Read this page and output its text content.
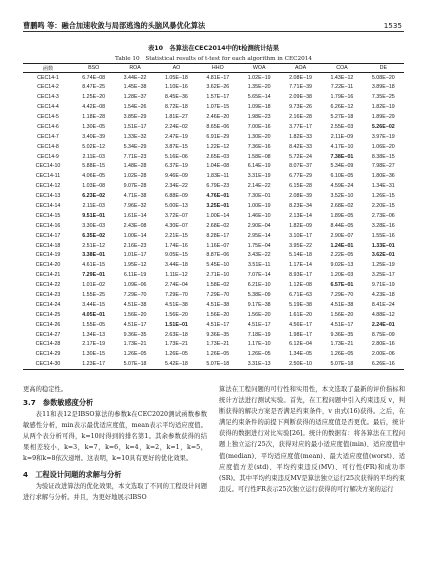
曹鹏鸣 等：融合加速收敛与局部逃逸的头脑风暴优化算法	1535
表10　各算法在CEC2014中的t检测统计结果
Table 10　Statistical results of t-test for each algorithm in CEC2014
函数	BSO	ROA	AO	HHO	WOA	AOA	COA	DE
CEC14-1	6.74E−08	3.44E−22	1.05E−18	4.81E−17	1.02E−19	2.08E−19	1.43E−12	5.08E−20
CEC14-2	8.47E−25	1.45E−38	1.10E−16	3.62E−26	1.35E−20	7.71E−39	7.22E−11	3.89E−18
CEC14-3	1.25E−20	1.28E−37	8.45E−36	1.57E−17	5.65E−14	2.09E−38	1.79E−16	7.35E−25
CEC14-4	4.42E−08	1.54E−26	8.72E−18	1.07E−15	1.09E−18	9.73E−26	6.26E−12	1.82E−19
CEC14-5	1.18E−28	3.85E−29	1.81E−27	2.46E−20	1.98E−23	2.16E−28	5.27E−18	1.89E−29
CEC14-6	1.30E−05	1.51E−17	2.24E−02	8.65E−06	7.00E−16	3.77E−17	2.55E−03	5.26E−02
CEC14-7	3.40E−39	1.33E−32	2.47E−19	6.91E−29	1.30E−20	1.82E−33	2.11E−09	3.97E−19
CEC14-8	5.02E−12	5.34E−29	3.87E−15	1.22E−12	7.36E−16	8.42E−33	4.17E−10	1.06E−20
CEC14-9	2.11E−03	7.71E−23	5.16E−06	2.65E−03	1.58E−08	5.72E−24	7.38E−01	8.38E−15
CEC14-10	5.88E−15	1.48E−28	6.37E−19	1.04E−08	6.14E−19	8.07E−37	5.34E−09	7.98E−27
CEC14-11	4.06E−05	1.02E−28	9.46E−09	1.83E−11	3.31E−19	6.77E−29	6.10E−05	1.80E−36
CEC14-12	1.03E−08	9.07E−28	2.34E−22	6.79E−23	2.14E−22	6.15E−28	4.59E−24	1.34E−31
CEC14-13	6.23E−02	4.71E−38	6.88E−09	4.76E−01	7.30E−01	2.08E−39	3.52E−10	1.26E−15
CEC14-14	2.11E−03	7.96E−32	5.00E−13	3.25E−01	1.00E−19	8.23E−34	2.68E−02	2.20E−15
CEC14-15	9.51E−01	1.61E−14	3.72E−07	1.00E−14	1.46E−10	2.13E−14	1.89E−05	2.73E−06
CEC14-16	3.30E−03	2.43E−08	4.30E−07	2.68E−02	2.90E−04	1.82E−09	8.44E−05	3.28E−16
CEC14-17	6.35E−02	1.00E−14	2.21E−15	8.28E−17	2.95E−14	3.10E−17	2.90E−07	1.55E−16
CEC14-18	2.51E−12	2.16E−23	1.74E−16	1.16E−07	1.75E−04	3.95E−22	1.24E−01	1.33E−01
CEC14-19	3.38E−01	1.01E−17	9.05E−15	8.87E−06	3.43E−22	5.14E−18	2.22E−05	3.62E−01
CEC14-20	4.61E−15	1.95E−12	3.44E−18	5.45E−10	3.51E−11	1.17E−14	9.02E−13	1.25E−19
CEC14-21	7.29E−01	6.11E−19	1.11E−12	2.71E−10	7.07E−14	8.93E−17	1.20E−03	3.25E−17
CEC14-22	1.01E−02	1.09E−06	2.74E−04	1.58E−02	6.21E−10	1.12E−08	6.57E−01	9.71E−19
CEC14-23	1.55E−25	7.29E−70	7.29E−70	7.29E−70	5.38E−09	6.71E−63	7.29E−70	4.23E−18
CEC14-24	3.44E−15	4.51E−38	4.51E−38	4.51E−38	9.17E−38	5.19E−38	4.51E−38	8.41E−24
CEC14-25	4.05E−01	1.56E−20	1.56E−20	1.56E−20	1.56E−20	1.61E−20	1.56E−20	4.88E−12
CEC14-26	1.55E−05	4.51E−17	1.51E−01	4.51E−17	4.51E−17	4.56E−17	4.51E−17	2.24E−01
CEC14-27	1.34E−13	9.36E−35	2.63E−18	9.36E−35	7.18E−19	1.98E−17	9.36E−35	8.75E−09
CEC14-28	2.17E−19	1.73E−21	1.73E−21	1.73E−21	1.17E−10	6.12E−04	1.73E−21	2.80E−16
CEC14-29	1.30E−15	1.26E−05	1.26E−05	1.26E−05	1.26E−05	1.34E−05	1.26E−05	2.00E−06
CEC14-30	1.23E−17	5.07E−18	5.42E−18	5.07E−18	3.31E−13	2.50E−10	5.07E−18	6.26E−16

更高的稳定性。

3.7　参数敏感度分析

表11和表12是IBSO算法的参数k在CEC2020测试函数参数敏感性分析，min表示最优适应度值，mean表示平均适应度值。从两个表分析可得，k=10时得到的排名第1。其余参数获得的结果相差较小，k=3，k=7，k=6，k=4，k=2，k=1，k=5，k=9和k=8依次递增。这表明，k=10具有更好的优化效果。

4　工程设计问题的求解与分析

为验证改进算法的优化效果，本文选取了不同的工程设计问题进行求解与分析。并且，为更好地展示IBSO

算法在工程问题的可行性和实用性，本文选取了最新的评价指标和统计方法进行测试实验。首先，在工程问题中引入约束违反 v，判断获得的解决方案是否满足约束条件，v 由式(16)获得。之后，在满足约束条件的前提下判断获得的适应度值是否更优。最后，统计获得的数据进行对比实验[26]。统计的数据有：将各算法在工程问题上独立运行25次，获得对应的最小适应度值(min)、适应度值中值(median)、平均适应度值(mean)、最大适应度值(worst)、适应度值方差(std)、平均约束违反(MV)、可行性(FR)和成功率(SR)。其中平均约束违反MV是算法独立运行25次获得的平均约束违反。可行性FR表示25次独立运行获得的可行解决方案的运行
